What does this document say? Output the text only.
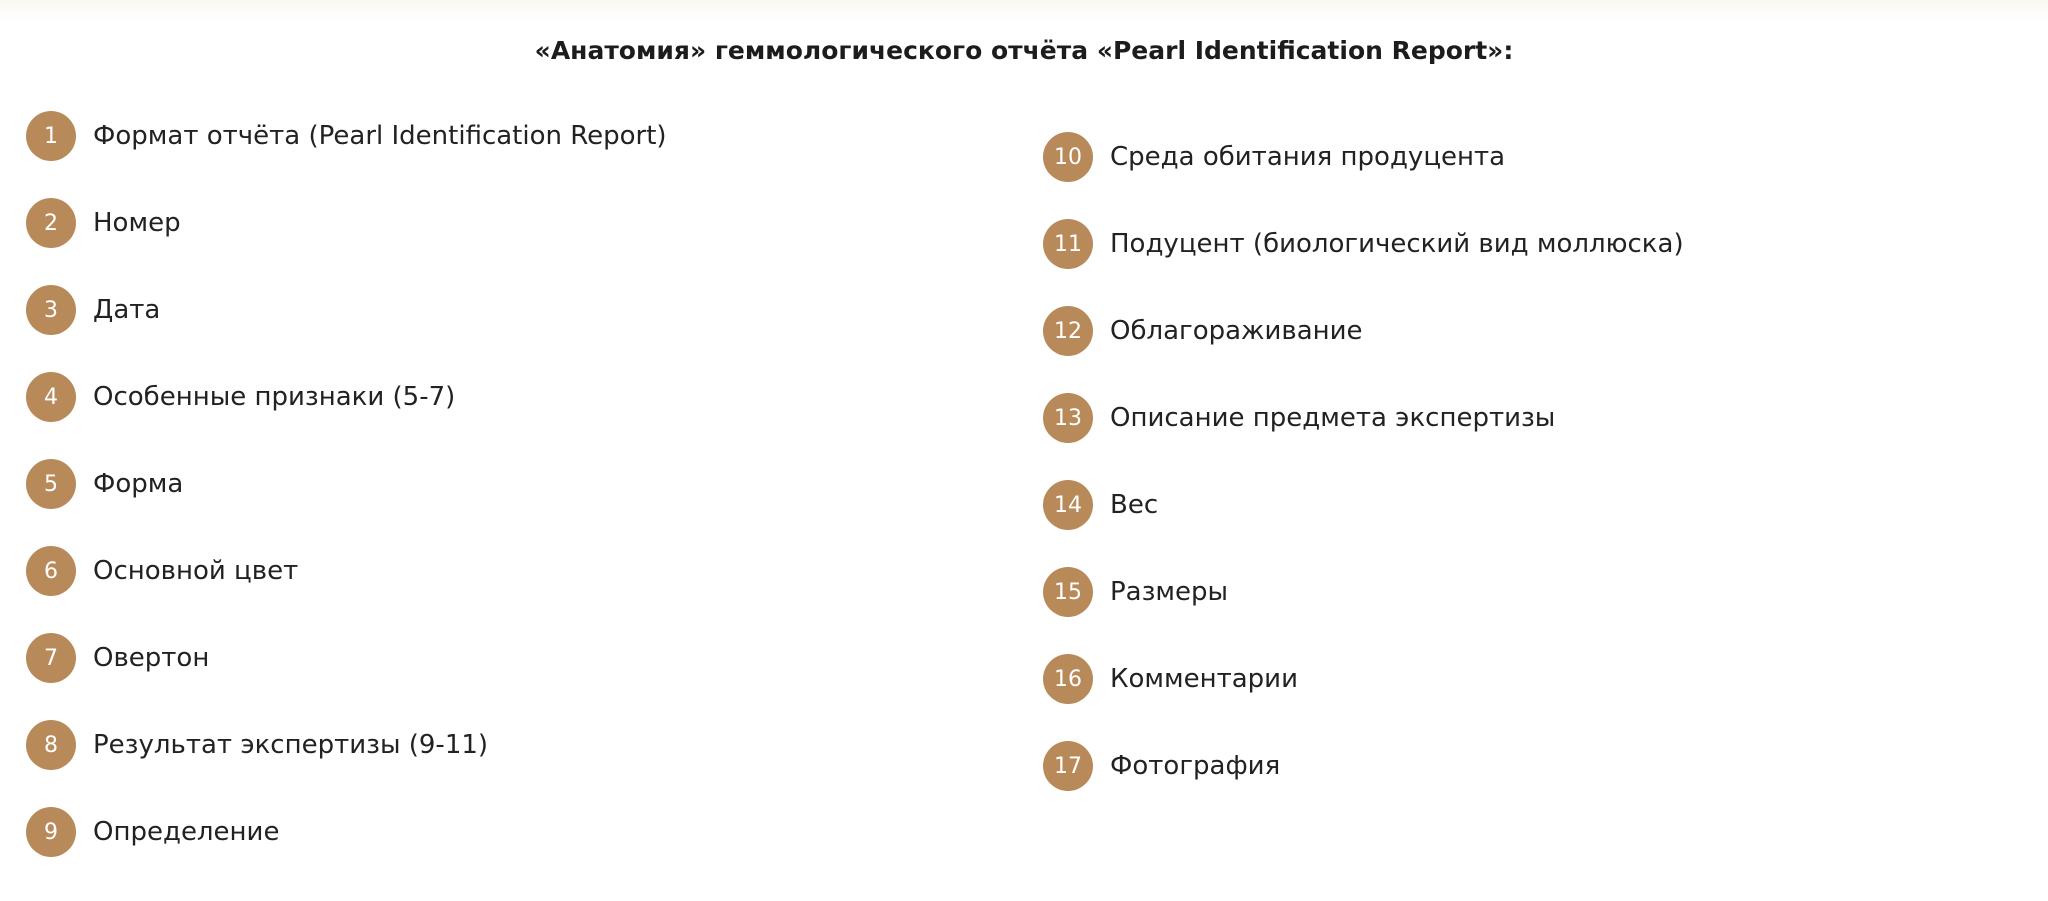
«Анатомия» геммологического отчёта «Pearl Identification Report»:
1	Формат отчёта (Pearl Identification Report)
2	Номер
3	Дата
4	Особенные признаки (5-7)
5	Форма
6	Основной цвет
7	Овертон
8	Результат экспертизы (9-11)
9	Определение
10	Среда обитания продуцента
11	Подуцент (биологический вид моллюска)
12	Облагораживание
13	Описание предмета экспертизы
14	Вес
15	Размеры
16	Комментарии
17	Фотография
